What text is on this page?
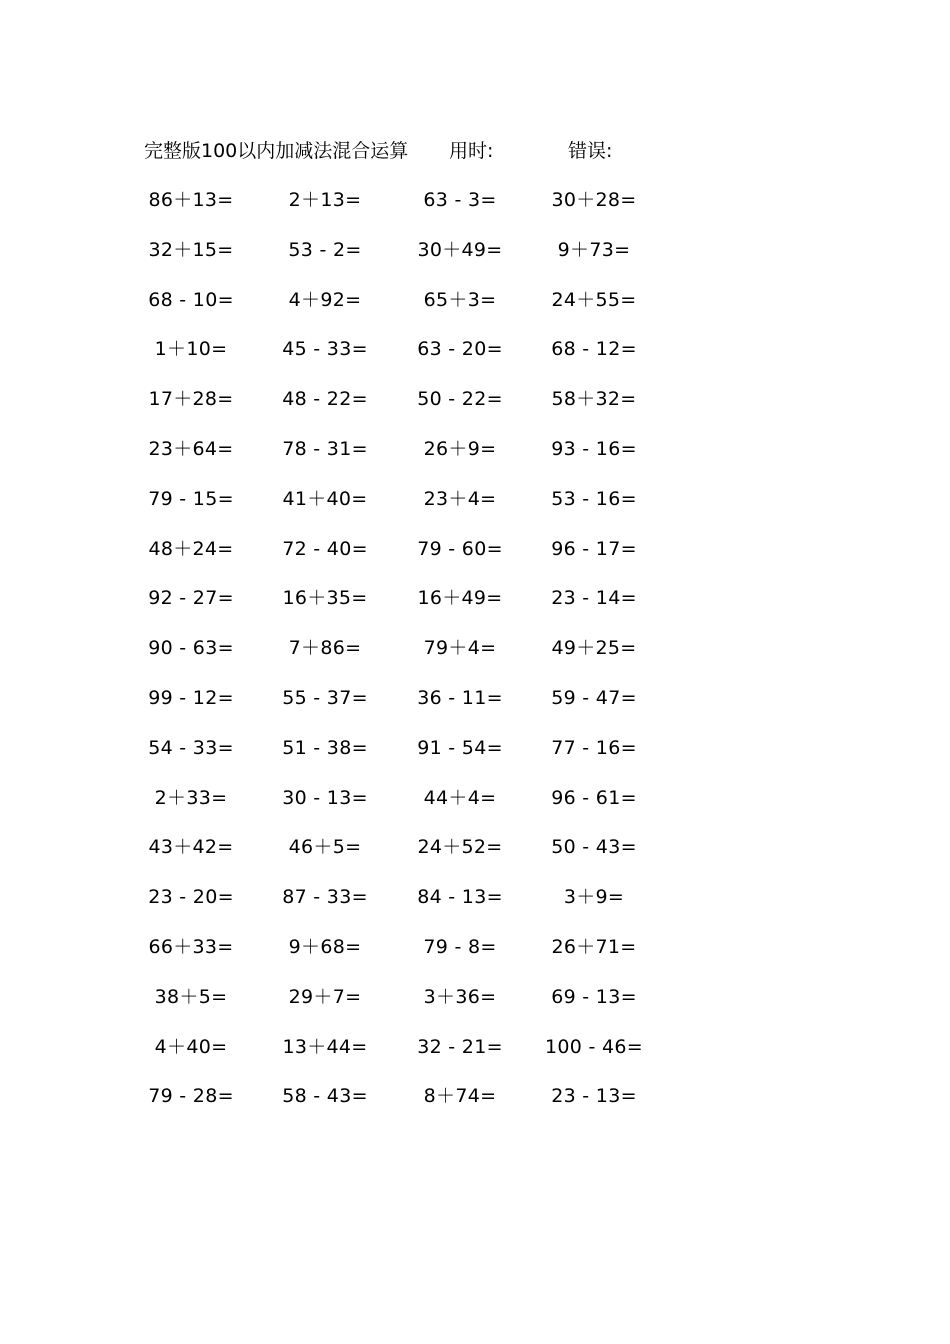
完整版100以内加减法混合运算 用时:	错误:
86＋13=	2＋13=	63 - 3=	30＋28=
32＋15=	53 - 2=	30＋49=	9＋73=
68 - 10=	4＋92=	65＋3=	24＋55=
1＋10=	45 - 33=	63 - 20=	68 - 12=
17＋28=	48 - 22=	50 - 22=	58＋32=
23＋64=	78 - 31=	26＋9=	93 - 16=
79 - 15=	41＋40=	23＋4=	53 - 16=
48＋24=	72 - 40=	79 - 60=	96 - 17=
92 - 27=	16＋35=	16＋49=	23 - 14=
90 - 63=	7＋86=	79＋4=	49＋25=
99 - 12=	55 - 37=	36 - 11=	59 - 47=
54 - 33=	51 - 38=	91 - 54=	77 - 16=
2＋33=	30 - 13=	44＋4=	96 - 61=
43＋42=	46＋5=	24＋52=	50 - 43=
23 - 20=	87 - 33=	84 - 13=	3＋9=
66＋33=	9＋68=	79 - 8=	26＋71=
38＋5=	29＋7=	3＋36=	69 - 13=
4＋40=	13＋44=	32 - 21=	100 - 46=
79 - 28=	58 - 43=	8＋74=	23 - 13=
